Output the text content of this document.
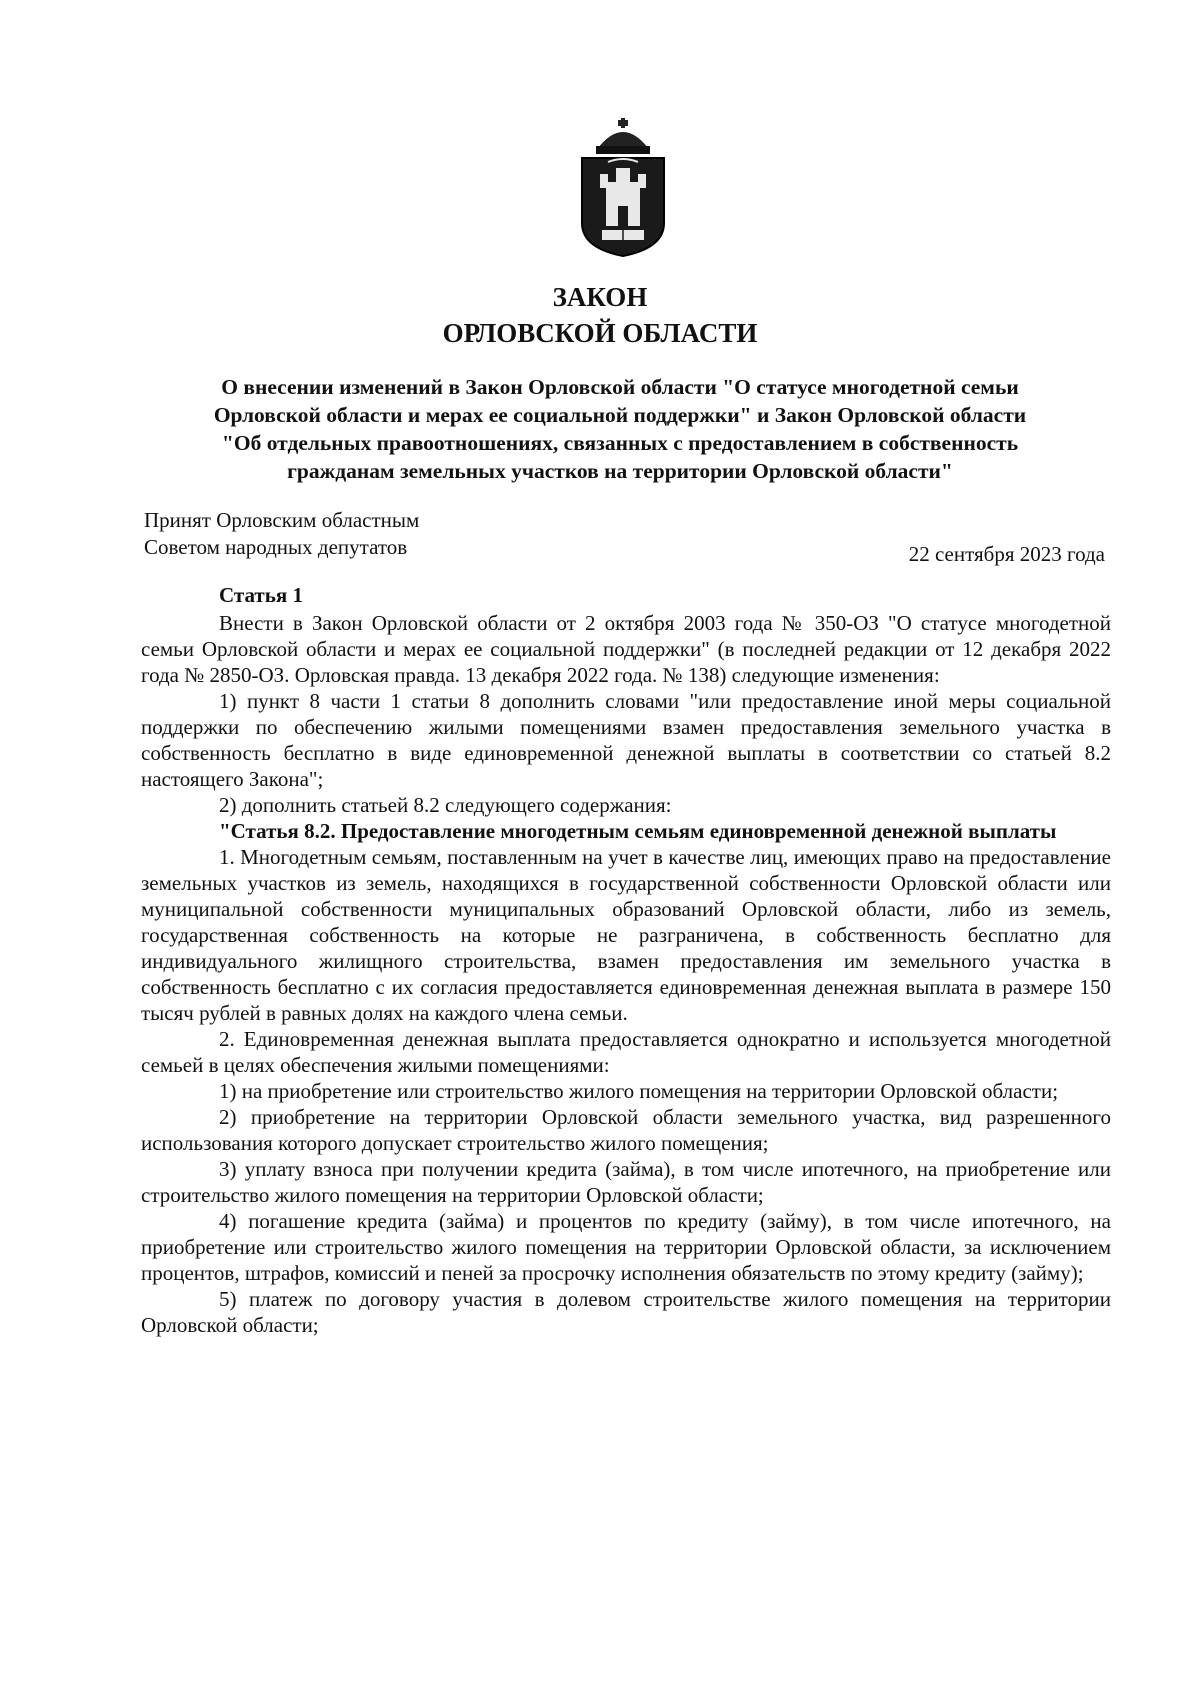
ЗАКОН
ОРЛОВСКОЙ ОБЛАСТИ
О внесении изменений в Закон Орловской области "О статусе многодетной семьи
Орловской области и мерах ее социальной поддержки" и Закон Орловской области
"Об отдельных правоотношениях, связанных с предоставлением в собственность
гражданам земельных участков на территории Орловской области"
Принят Орловским областным
Советом народных депутатов	22 сентября 2023 года
Статья 1

Внести в Закон Орловской области от 2 октября 2003 года № 350-ОЗ "О статусе многодетной семьи Орловской области и мерах ее социальной поддержки" (в последней редакции от 12 декабря 2022 года № 2850-ОЗ. Орловская правда. 13 декабря 2022 года. № 138) следующие изменения:

1) пункт 8 части 1 статьи 8 дополнить словами "или предоставление иной меры социальной поддержки по обеспечению жилыми помещениями взамен предоставления земельного участка в собственность бесплатно в виде единовременной денежной выплаты в соответствии со статьей 8.2 настоящего Закона";

2) дополнить статьей 8.2 следующего содержания:

"Статья 8.2. Предоставление многодетным семьям единовременной денежной выплаты

1. Многодетным семьям, поставленным на учет в качестве лиц, имеющих право на предоставление земельных участков из земель, находящихся в государственной собственности Орловской области или муниципальной собственности муниципальных образований Орловской области, либо из земель, государственная собственность на которые не разграничена, в собственность бесплатно для индивидуального жилищного строительства, взамен предоставления им земельного участка в собственность бесплатно с их согласия предоставляется единовременная денежная выплата в размере 150 тысяч рублей в равных долях на каждого члена семьи.

2. Единовременная денежная выплата предоставляется однократно и используется многодетной семьей в целях обеспечения жилыми помещениями:

1) на приобретение или строительство жилого помещения на территории Орловской области;

2) приобретение на территории Орловской области земельного участка, вид разрешенного использования которого допускает строительство жилого помещения;

3) уплату взноса при получении кредита (займа), в том числе ипотечного, на приобретение или строительство жилого помещения на территории Орловской области;

4) погашение кредита (займа) и процентов по кредиту (займу), в том числе ипотечного, на приобретение или строительство жилого помещения на территории Орловской области, за исключением процентов, штрафов, комиссий и пеней за просрочку исполнения обязательств по этому кредиту (займу);

5) платеж по договору участия в долевом строительстве жилого помещения на территории Орловской области;
